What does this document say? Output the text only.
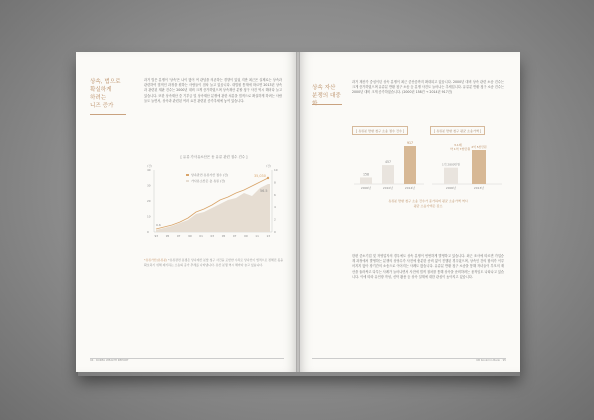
상속, 법으로
확실하게
하려는
니즈 증가
과거 법은 분쟁이 '상속'은 나이 많이 여 관념을 의존하는 경향이 있었 지만 최근은 실제로는 상속과 관련하여 법적인 과정을 원하는 사람들이 점차 늘고 있습니다. 대법원 통계에 따르면 2013년 상속과 관련된 재판 건수는 2000년 대비 크게 증가하였으며 상속재산 분할 청구 사건 역시 해마다 늘고 있습니다. 또한 상속재산 중 기부금 및 상속재산 분쟁에 관한 처분을 법적으로 확실하게 하려는 사람들도 늘면서, 상속과 관련된 여러 요건 관련된 증가추세에 놓여 있습니다.
[ 유류 가사유소산은 동 유류 관련 접수 건수 ]
상속관련 유류가산 접수 (건)
가사유소산은 총 유류 (건)
35,030
56.5
0.6
(건)	(건)
40
30
20
10
0
10
8
6
4
2
0
93	95	97	99	01	03	05	07	09	11	13
*유류가산(유류분) *유류관련 분쟁은 상속재산 분할 청구 사건을 포함한 수치로 상속인이 법적으로 정해진 몫을 확보하기 위해 제기하는 소송의 증가 추세를 나타냅니다. 유산 분쟁 역시 해마다 늘고 있습니다.
94 · KOREA WEALTH REPORT
상속 자산
분쟁의 대중
과거 재산가 중심이던 상속 분쟁이 최근 중산층까지 확대되고 있습니다. 2000년 대비 상속 관련 소송 건수는 크게 증가하였으며 유류분 반환 청구 소송 등 분쟁 사건도 늘어나는 추세입니다. 유류분 반환 청구 소송 건수는 2000년 대비 크게 증가하였습니다. (2000년 158건 → 2014년 917건)
[ 유류분 반환 청구 소송 접수 건수 ]	[ 유류분 반환 청구 평균 소송가액 ]
158
2000년
457
2010년
917
2014년
1억 2800만원
2000년
2억 5천만원
2013년
3.1배
약 1억 7천만원
유류분 반환 청구 소송 건수가 증가하며 평균 소송가액 역시
평균 소송가액은 감소
한편 중소기업 및 자영업자의 경우에도 상속 분쟁이 빈번하게 발생하고 있습니다. 최근 조사에 따르면 가업승계 과정에서 발생하는 분쟁의 상당수가 사전에 충분한 준비 없이 진행된 경우였으며, 상속인 간의 합의가 이루어지지 않아 장기간의 소송으로 이어지는 사례도 많습니다. 유류분 반환 청구 소송을 통해 자녀들이 부모의 재산을 둘러싸고 다투는 사례가 늘어나면서 사전에 법적 절차를 통해 상속을 준비하려는 움직임도 나타나고 있습니다. 이에 따라 유언장 작성, 신탁 활용 등 상속 설계에 대한 관심이 높아지고 있습니다.
KB Kookmin Bank · 95
